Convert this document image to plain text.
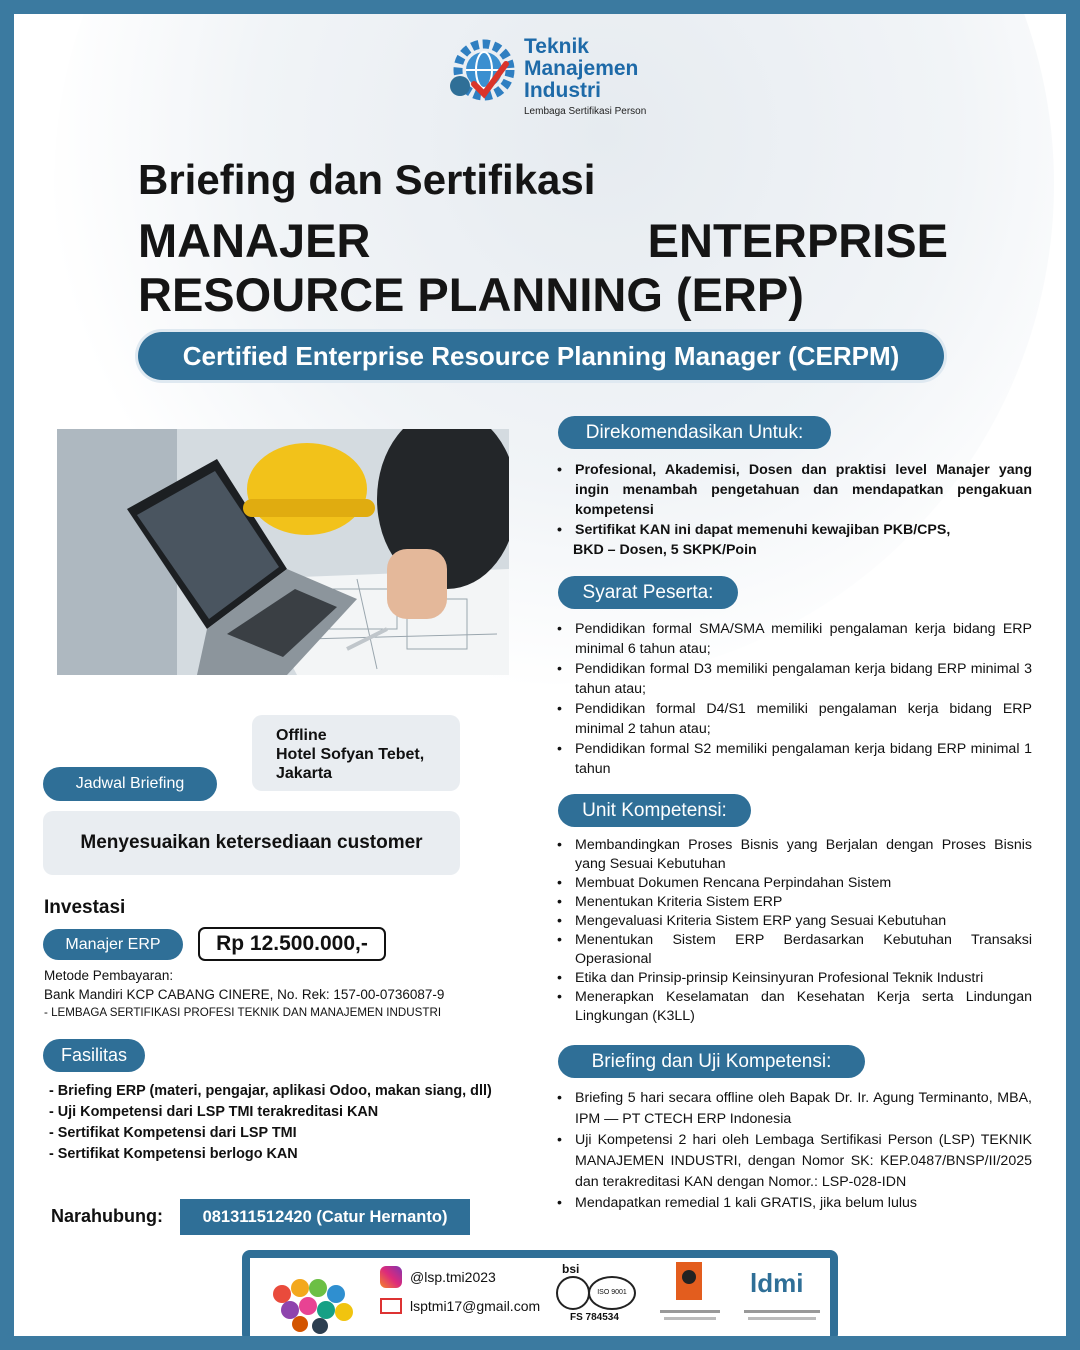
Teknik
Manajemen
Industri
Lembaga Sertifikasi Person
Briefing dan Sertifikasi
MANAJER ENTERPRISE RESOURCE PLANNING (ERP)
Certified Enterprise Resource Planning Manager (CERPM)
Offline
Hotel Sofyan Tebet, Jakarta
Jadwal Briefing
Menyesuaikan ketersediaan customer
Investasi
Manajer ERP	Rp 12.500.000,-
Metode Pembayaran:
Bank Mandiri KCP CABANG CINERE, No. Rek: 157-00-0736087-9
- LEMBAGA SERTIFIKASI PROFESI TEKNIK DAN MANAJEMEN INDUSTRI
Fasilitas
- Briefing ERP (materi, pengajar, aplikasi Odoo, makan siang, dll)
- Uji Kompetensi dari LSP TMI terakreditasi KAN
- Sertifikat Kompetensi dari LSP TMI
- Sertifikat Kompetensi berlogo KAN
Narahubung:	081311512420 (Catur Hernanto)
Direkomendasikan Untuk:
• Profesional, Akademisi, Dosen dan praktisi level Manajer yang ingin menambah pengetahuan dan mendapatkan pengakuan kompetensi
• Sertifikat KAN ini dapat memenuhi kewajiban PKB/CPS,
BKD – Dosen, 5 SKPK/Poin
Syarat Peserta:
• Pendidikan formal SMA/SMA memiliki pengalaman kerja bidang ERP minimal 6 tahun atau;
• Pendidikan formal D3 memiliki pengalaman kerja bidang ERP minimal 3 tahun atau;
• Pendidikan formal D4/S1 memiliki pengalaman kerja bidang ERP minimal 2 tahun atau;
• Pendidikan formal S2 memiliki pengalaman kerja bidang ERP minimal 1 tahun
Unit Kompetensi:
• Membandingkan Proses Bisnis yang Berjalan dengan Proses Bisnis yang Sesuai Kebutuhan
• Membuat Dokumen Rencana Perpindahan Sistem
• Menentukan Kriteria Sistem ERP
• Mengevaluasi Kriteria Sistem ERP yang Sesuai Kebutuhan
• Menentukan Sistem ERP Berdasarkan Kebutuhan Transaksi Operasional
• Etika dan Prinsip-prinsip Keinsinyuran Profesional Teknik Industri
• Menerapkan Keselamatan dan Kesehatan Kerja serta Lindungan Lingkungan (K3LL)
Briefing dan Uji Kompetensi:
• Briefing 5 hari secara offline oleh Bapak Dr. Ir. Agung Terminanto, MBA, IPM — PT CTECH ERP Indonesia
• Uji Kompetensi 2 hari oleh Lembaga Sertifikasi Person (LSP) TEKNIK MANAJEMEN INDUSTRI, dengan Nomor SK: KEP.0487/BNSP/II/2025 dan terakreditasi KAN dengan Nomor.: LSP-028-IDN
• Mendapatkan remedial 1 kali GRATIS, jika belum lulus
@lsp.tmi2023
lsptmi17@gmail.com
bsi
ISO 9001
FS 784534
ldmi
